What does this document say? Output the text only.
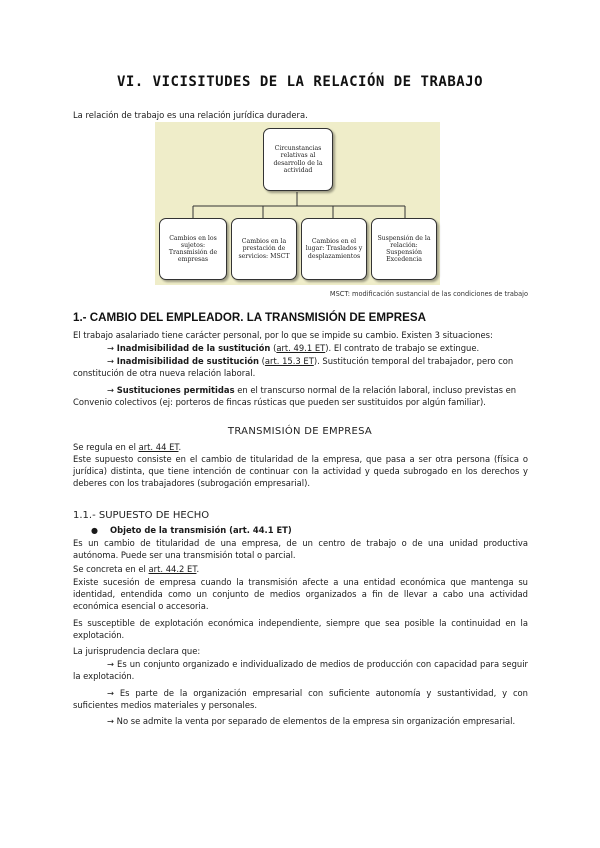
VI. VICISITUDES DE LA RELACIÓN DE TRABAJO
La relación de trabajo es una relación jurídica duradera.
Circunstancias relativas al desarrollo de la actividad
Cambios en los sujetos: Transmisión de empresas
Cambios en la prestación de servicios: MSCT
Cambios en el lugar: Traslados y desplazamientos
Suspensión de la relación: Suspensión Excedencia
MSCT: modificación sustancial de las condiciones de trabajo
1.- CAMBIO DEL EMPLEADOR. LA TRANSMISIÓN DE EMPRESA
El trabajo asalariado tiene carácter personal, por lo que se impide su cambio. Existen 3 situaciones:
→ Inadmisibilidad de la sustitución (art. 49.1 ET). El contrato de trabajo se extingue.
→ Inadmisibilidad de sustitución (art. 15.3 ET). Sustitución temporal del trabajador, pero con constitución de otra nueva relación laboral.
→ Sustituciones permitidas en el transcurso normal de la relación laboral, incluso previstas en Convenio colectivos (ej: porteros de fincas rústicas que pueden ser sustituidos por algún familiar).
TRANSMISIÓN DE EMPRESA
Se regula en el art. 44 ET.
Este supuesto consiste en el cambio de titularidad de la empresa, que pasa a ser otra persona (física o jurídica) distinta, que tiene intención de continuar con la actividad y queda subrogado en los derechos y deberes con los trabajadores (subrogación empresarial).
1.1.- SUPUESTO DE HECHO
● Objeto de la transmisión (art. 44.1 ET)
Es un cambio de titularidad de una empresa, de un centro de trabajo o de una unidad productiva autónoma. Puede ser una transmisión total o parcial.
Se concreta en el art. 44.2 ET.
Existe sucesión de empresa cuando la transmisión afecte a una entidad económica que mantenga su identidad, entendida como un conjunto de medios organizados a fin de llevar a cabo una actividad económica esencial o accesoria.
Es susceptible de explotación económica independiente, siempre que sea posible la continuidad en la explotación.
La jurisprudencia declara que:
→ Es un conjunto organizado e individualizado de medios de producción con capacidad para seguir la explotación.
→ Es parte de la organización empresarial con suficiente autonomía y sustantividad, y con suficientes medios materiales y personales.
→ No se admite la venta por separado de elementos de la empresa sin organización empresarial.
